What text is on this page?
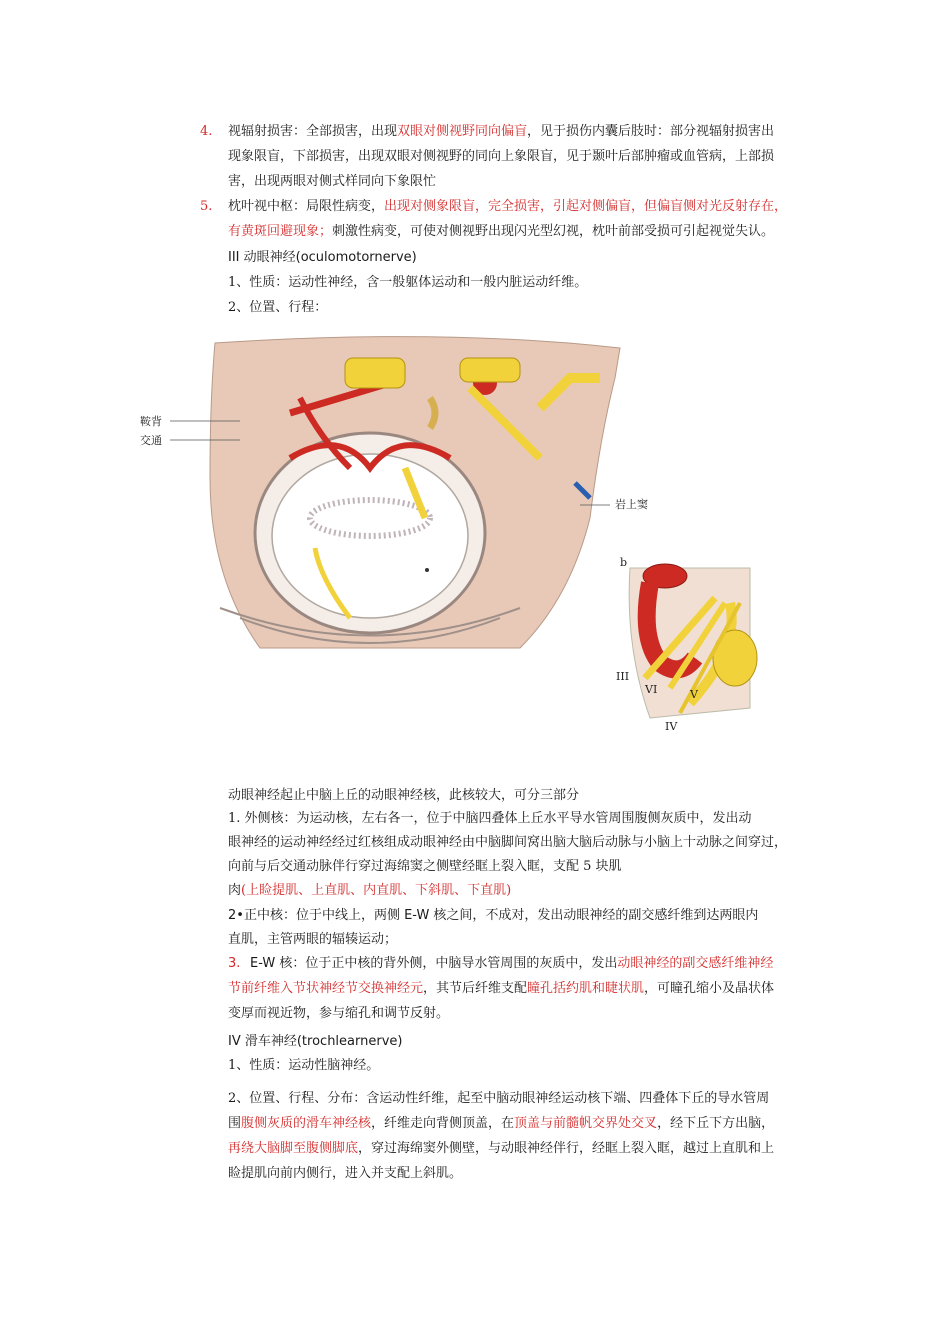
4. 视辐射损害：全部损害，出现双眼对侧视野同向偏盲，见于损伤内囊后肢时：部分视辐射损害出
现象限盲，下部损害，出现双眼对侧视野的同向上象限盲，见于颞叶后部肿瘤或血管病，上部损
害，出现两眼对侧式样同向下象限忙
5. 枕叶视中枢：局限性病变，出现对侧象限盲，完全损害，引起对侧偏盲，但偏盲侧对光反射存在，
有黄斑回避现象；刺激性病变，可使对侧视野出现闪光型幻视，枕叶前部受损可引起视觉失认。
III 动眼神经(oculomotornerve)
1、性质：运动性神经，含一般躯体运动和一般内脏运动纤维。
2、位置、行程：
鞍背
交通
岩上窦
b
III
VI	V
IV
动眼神经起止中脑上丘的动眼神经核，此核较大，可分三部分
1. 外侧核：为运动核，左右各一，位于中脑四叠体上丘水平导水管周围腹侧灰质中，发出动
眼神经的运动神经经过红核组成动眼神经由中脑脚间窝出脑大脑后动脉与小脑上十动脉之间穿过，
向前与后交通动脉伴行穿过海绵窦之侧壁经眶上裂入眶，支配 5 块肌
肉(上睑提肌、上直肌、内直肌、下斜肌、下直肌)
2•正中核：位于中线上，两侧 E-W 核之间，不成对，发出动眼神经的副交感纤维到达两眼内
直肌，主管两眼的辐辏运动；
3. E-W 核：位于正中核的背外侧，中脑导水管周围的灰质中，发出动眼神经的副交感纤维神经
节前纤维入节状神经节交换神经元，其节后纤维支配瞳孔括约肌和睫状肌，可瞳孔缩小及晶状体
变厚而视近物，参与缩孔和调节反射。
IV 滑车神经(trochlearnerve)
1、性质：运动性脑神经。
2、位置、行程、分布：含运动性纤维，起至中脑动眼神经运动核下端、四叠体下丘的导水管周
围腹侧灰质的滑车神经核，纤维走向背侧顶盖，在顶盖与前髓帆交界处交叉，经下丘下方出脑，
再绕大脑脚至腹侧脚底，穿过海绵窦外侧壁，与动眼神经伴行，经眶上裂入眶，越过上直肌和上
睑提肌向前内侧行，进入并支配上斜肌。
